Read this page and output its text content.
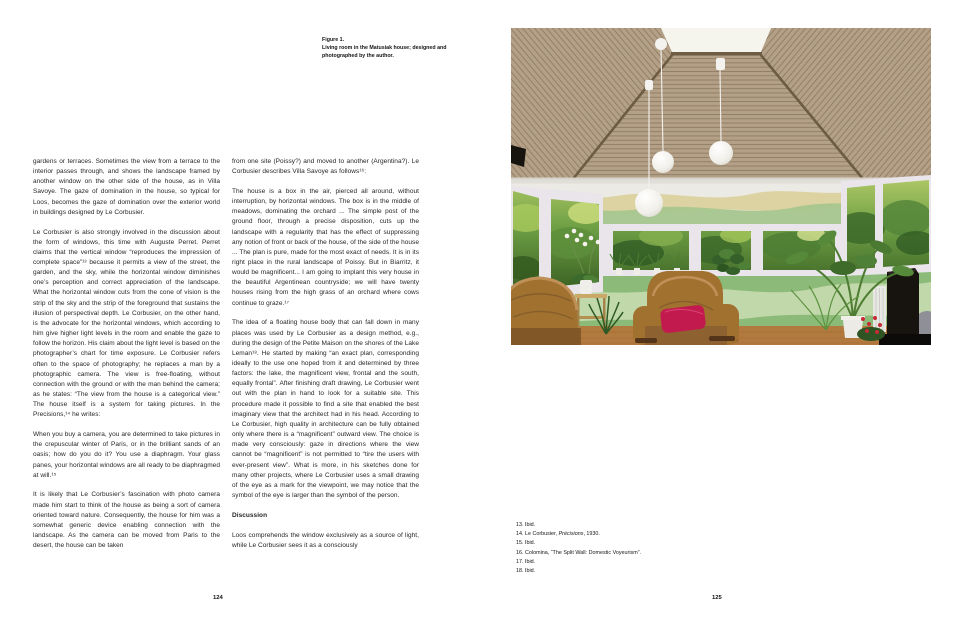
Figure 1.
Living room in the Matusiak house; designed and
photographed by the author.

gardens or terraces. Sometimes the view from a terrace to the interior passes through, and shows the landscape framed by another window on the other side of the house, as in Villa Savoye. The gaze of domination in the house, so typical for Loos, becomes the gaze of domination over the exterior world in buildings designed by Le Corbusier.

Le Corbusier is also strongly involved in the discussion about the form of windows, this time with Auguste Perret. Perret claims that the vertical window “reproduces the impression of complete space”¹³ because it permits a view of the street, the garden, and the sky, while the horizontal window diminishes one’s perception and correct appreciation of the landscape. What the horizontal window cuts from the cone of vision is the strip of the sky and the strip of the foreground that sustains the illusion of perspectival depth. Le Corbusier, on the other hand, is the advocate for the horizontal windows, which according to him give higher light levels in the room and enable the gaze to follow the horizon. His claim about the light level is based on the photographer’s chart for time exposure. Le Corbusier refers often to the space of photography; he replaces a man by a photographic camera. The view is free-floating, without connection with the ground or with the man behind the camera; as he states: “The view from the house is a categorical view.” The house itself is a system for taking pictures. In the Precisions,¹⁴ he writes:

When you buy a camera, you are determined to take pictures in the crepuscular winter of Paris, or in the brilliant sands of an oasis; how do you do it? You use a diaphragm. Your glass panes, your horizontal windows are all ready to be diaphragmed at will.¹⁵

It is likely that Le Corbusier’s fascination with photo camera made him start to think of the house as being a sort of camera oriented toward nature. Consequently, the house for him was a somewhat generic device enabling connection with the landscape. As the camera can be moved from Paris to the desert, the house can be taken

from one site (Poissy?) and moved to another (Argentina?). Le Corbusier describes Villa Savoye as follows¹⁶:

The house is a box in the air, pierced all around, without interruption, by horizontal windows. The box is in the middle of meadows, dominating the orchard ... The simple post of the ground floor, through a precise disposition, cuts up the landscape with a regularity that has the effect of suppressing any notion of front or back of the house, of the side of the house ... The plan is pure, made for the most exact of needs. It is in its right place in the rural landscape of Poissy. But in Biarritz, it would be magnificent... I am going to implant this very house in the beautiful Argentinean countryside; we will have twenty houses rising from the high grass of an orchard where cows continue to graze.¹⁷

The idea of a floating house body that can fall down in many places was used by Le Corbusier as a design method, e.g., during the design of the Petite Maison on the shores of the Lake Leman¹⁸. He started by making “an exact plan, corresponding ideally to the use one hoped from it and determined by three factors: the lake, the magnificent view, frontal and the south, equally frontal”. After finishing draft drawing, Le Corbusier went out with the plan in hand to look for a suitable site. This procedure made it possible to find a site that enabled the best imaginary view that the architect had in his head. According to Le Corbusier, high quality in architecture can be fully obtained only where there is a “magnificent” outward view. The choice is made very consciously: gaze in directions where the view cannot be “magnificent” is not permitted to “tire the users with ever-present view”. What is more, in his sketches done for many other projects, where Le Corbusier uses a small drawing of the eye as a mark for the viewpoint, we may notice that the symbol of the eye is larger than the symbol of the person.

Discussion

Loos comprehends the window exclusively as a source of light, while Le Corbusier sees it as a consciously

124
13. Ibid.
14. Le Corbusier, Précisions, 1930.
15. Ibid.
16. Colomina, “The Split Wall: Domestic Voyeurism”.
17. Ibid.
18. Ibid.
125
